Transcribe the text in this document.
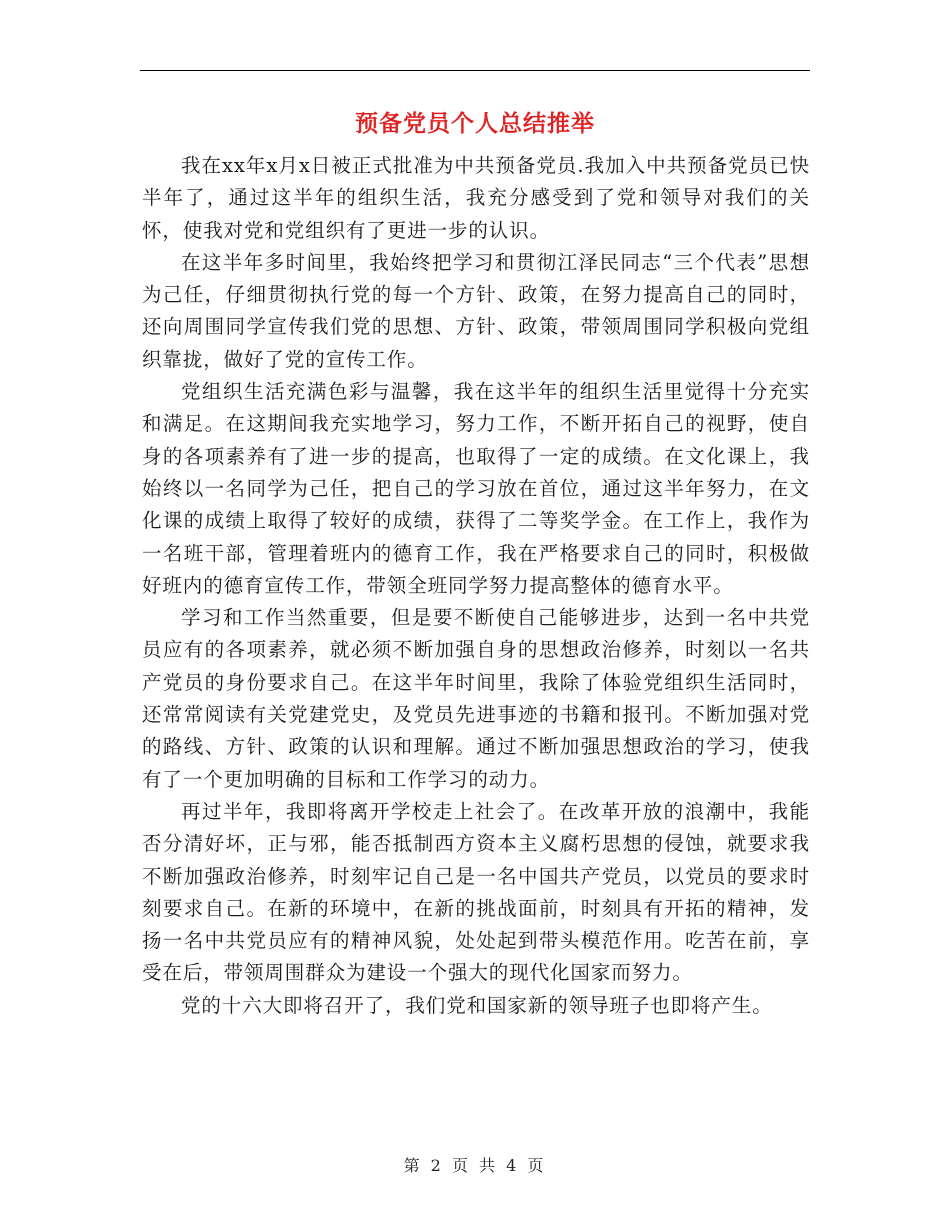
预备党员个人总结推举

我在xx年x月x日被正式批准为中共预备党员.我加入中共预备党员已快半年了，通过这半年的组织生活，我充分感受到了党和领导对我们的关怀，使我对党和党组织有了更进一步的认识。

在这半年多时间里，我始终把学习和贯彻江泽民同志“三个代表”思想为己任，仔细贯彻执行党的每一个方针、政策，在努力提高自己的同时，还向周围同学宣传我们党的思想、方针、政策，带领周围同学积极向党组织靠拢，做好了党的宣传工作。

党组织生活充满色彩与温馨，我在这半年的组织生活里觉得十分充实和满足。在这期间我充实地学习，努力工作，不断开拓自己的视野，使自身的各项素养有了进一步的提高，也取得了一定的成绩。在文化课上，我始终以一名同学为己任，把自己的学习放在首位，通过这半年努力，在文化课的成绩上取得了较好的成绩，获得了二等奖学金。在工作上，我作为一名班干部，管理着班内的德育工作，我在严格要求自己的同时，积极做好班内的德育宣传工作，带领全班同学努力提高整体的德育水平。

学习和工作当然重要，但是要不断使自己能够进步，达到一名中共党员应有的各项素养，就必须不断加强自身的思想政治修养，时刻以一名共产党员的身份要求自己。在这半年时间里，我除了体验党组织生活同时，还常常阅读有关党建党史，及党员先进事迹的书籍和报刊。不断加强对党的路线、方针、政策的认识和理解。通过不断加强思想政治的学习，使我有了一个更加明确的目标和工作学习的动力。

再过半年，我即将离开学校走上社会了。在改革开放的浪潮中，我能否分清好坏，正与邪，能否抵制西方资本主义腐朽思想的侵蚀，就要求我不断加强政治修养，时刻牢记自己是一名中国共产党员，以党员的要求时刻要求自己。在新的环境中，在新的挑战面前，时刻具有开拓的精神，发扬一名中共党员应有的精神风貌，处处起到带头模范作用。吃苦在前，享受在后，带领周围群众为建设一个强大的现代化国家而努力。

党的十六大即将召开了，我们党和国家新的领导班子也即将产生。

第 2 页 共 4 页
